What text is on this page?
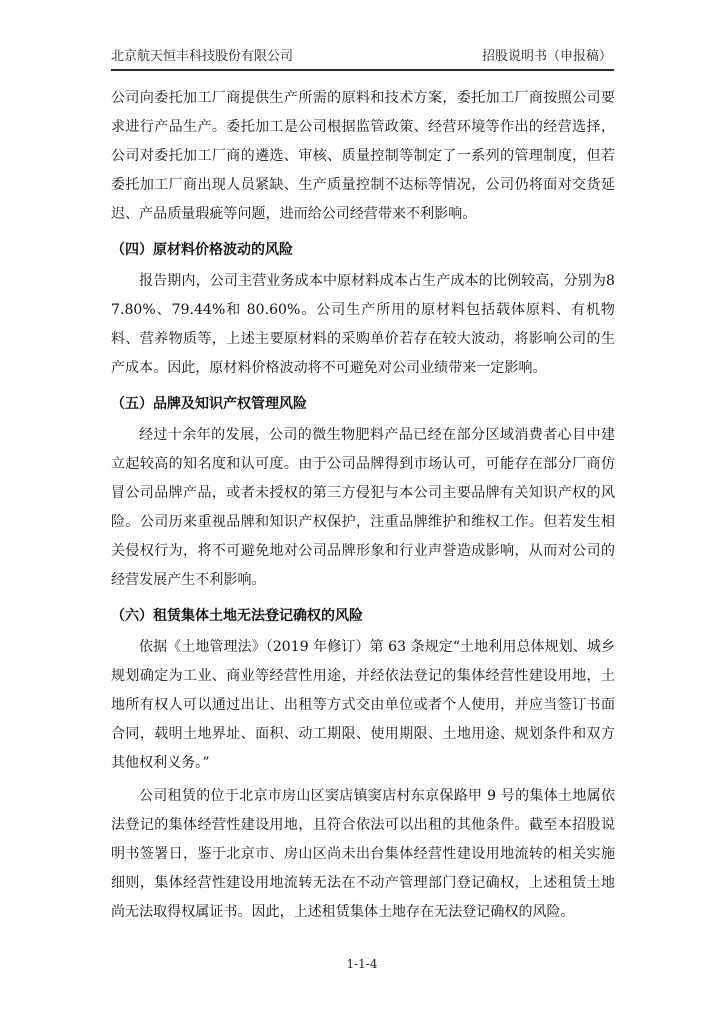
北京航天恒丰科技股份有限公司	招股说明书（申报稿）

公司向委托加工厂商提供生产所需的原料和技术方案，委托加工厂商按照公司要求进行产品生产。委托加工是公司根据监管政策、经营环境等作出的经营选择，公司对委托加工厂商的遴选、审核、质量控制等制定了一系列的管理制度，但若委托加工厂商出现人员紧缺、生产质量控制不达标等情况，公司仍将面对交货延迟、产品质量瑕疵等问题，进而给公司经营带来不利影响。

（四）原材料价格波动的风险

报告期内，公司主营业务成本中原材料成本占生产成本的比例较高，分别为87.80%、79.44%和 80.60%。公司生产所用的原材料包括载体原料、有机物料、营养物质等，上述主要原材料的采购单价若存在较大波动，将影响公司的生产成本。因此，原材料价格波动将不可避免对公司业绩带来一定影响。

（五）品牌及知识产权管理风险

经过十余年的发展，公司的微生物肥料产品已经在部分区域消费者心目中建立起较高的知名度和认可度。由于公司品牌得到市场认可，可能存在部分厂商仿冒公司品牌产品，或者未授权的第三方侵犯与本公司主要品牌有关知识产权的风险。公司历来重视品牌和知识产权保护，注重品牌维护和维权工作。但若发生相关侵权行为，将不可避免地对公司品牌形象和行业声誉造成影响，从而对公司的经营发展产生不利影响。

（六）租赁集体土地无法登记确权的风险

依据《土地管理法》（2019 年修订）第 63 条规定“土地利用总体规划、城乡规划确定为工业、商业等经营性用途，并经依法登记的集体经营性建设用地，土地所有权人可以通过出让、出租等方式交由单位或者个人使用，并应当签订书面合同，载明土地界址、面积、动工期限、使用期限、土地用途、规划条件和双方其他权利义务。”

公司租赁的位于北京市房山区窦店镇窦店村东京保路甲 9 号的集体土地属依法登记的集体经营性建设用地，且符合依法可以出租的其他条件。截至本招股说明书签署日，鉴于北京市、房山区尚未出台集体经营性建设用地流转的相关实施细则，集体经营性建设用地流转无法在不动产管理部门登记确权，上述租赁土地尚无法取得权属证书。因此，上述租赁集体土地存在无法登记确权的风险。

1-1-4
